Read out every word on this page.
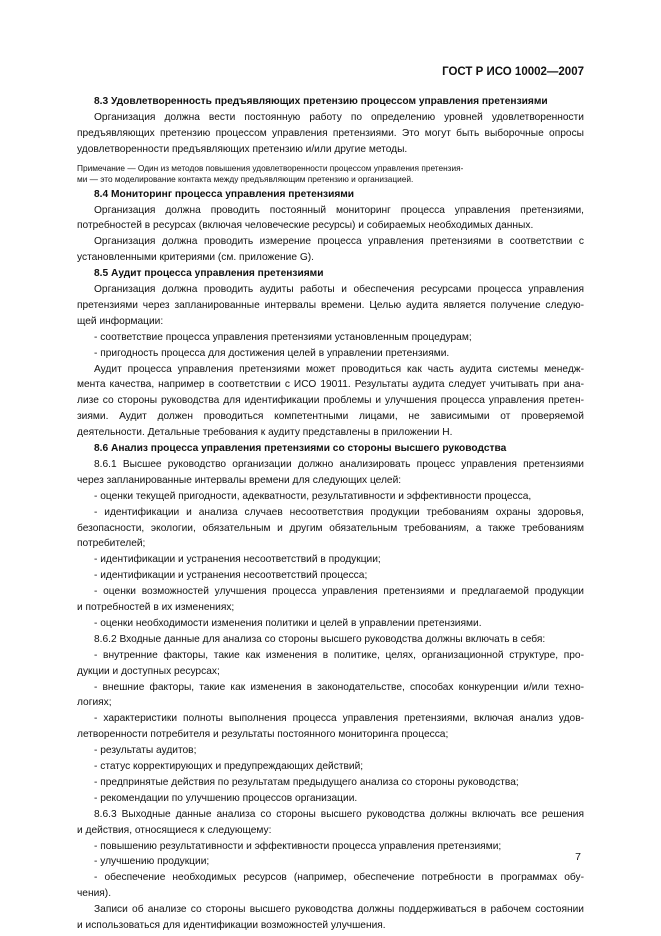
ГОСТ Р ИСО 10002—2007
8.3 Удовлетворенность предъявляющих претензию процессом управления претензиями
Организация должна вести постоянную работу по определению уровней удовлетворенности
предъявляющих претензию процессом управления претензиями. Это могут быть выборочные опросы
удовлетворенности предъявляющих претензию и/или другие методы.
Примечание — Один из методов повышения удовлетворенности процессом управления претензия-
ми — это моделирование контакта между предъявляющим претензию и организацией.
8.4 Мониторинг процесса управления претензиями
Организация должна проводить постоянный мониторинг процесса управления претензиями,
потребностей в ресурсах (включая человеческие ресурсы) и собираемых необходимых данных.
Организация должна проводить измерение процесса управления претензиями в соответствии с
установленными критериями (см. приложение G).
8.5 Аудит процесса управления претензиями
Организация должна проводить аудиты работы и обеспечения ресурсами процесса управления
претензиями через запланированные интервалы времени. Целью аудита является получение следую-
щей информации:
- соответствие процесса управления претензиями установленным процедурам;
- пригодность процесса для достижения целей в управлении претензиями.
Аудит процесса управления претензиями может проводиться как часть аудита системы менедж-
мента качества, например в соответствии с ИСО 19011. Результаты аудита следует учитывать при ана-
лизе со стороны руководства для идентификации проблемы и улучшения процесса управления претен-
зиями. Аудит должен проводиться компетентными лицами, не зависимыми от проверяемой
деятельности. Детальные требования к аудиту представлены в приложении H.
8.6 Анализ процесса управления претензиями со стороны высшего руководства
8.6.1 Высшее руководство организации должно анализировать процесс управления претензиями
через запланированные интервалы времени для следующих целей:
- оценки текущей пригодности, адекватности, результативности и эффективности процесса,
- идентификации и анализа случаев несоответствия продукции требованиям охраны здоровья,
безопасности, экологии, обязательным и другим обязательным требованиям, а также требованиям
потребителей;
- идентификации и устранения несоответствий в продукции;
- идентификации и устранения несоответствий процесса;
- оценки возможностей улучшения процесса управления претензиями и предлагаемой продукции
и потребностей в их изменениях;
- оценки необходимости изменения политики и целей в управлении претензиями.
8.6.2 Входные данные для анализа со стороны высшего руководства должны включать в себя:
- внутренние факторы, такие как изменения в политике, целях, организационной структуре, про-
дукции и доступных ресурсах;
- внешние факторы, такие как изменения в законодательстве, способах конкуренции и/или техно-
логиях;
- характеристики полноты выполнения процесса управления претензиями, включая анализ удов-
летворенности потребителя и результаты постоянного мониторинга процесса;
- результаты аудитов;
- статус корректирующих и предупреждающих действий;
- предпринятые действия по результатам предыдущего анализа со стороны руководства;
- рекомендации по улучшению процессов организации.
8.6.3 Выходные данные анализа со стороны высшего руководства должны включать все решения
и действия, относящиеся к следующему:
- повышению результативности и эффективности процесса управления претензиями;
- улучшению продукции;
- обеспечение необходимых ресурсов (например, обеспечение потребности в программах обу-
чения).
Записи об анализе со стороны высшего руководства должны поддерживаться в рабочем состоянии
и использоваться для идентификации возможностей улучшения.
7
